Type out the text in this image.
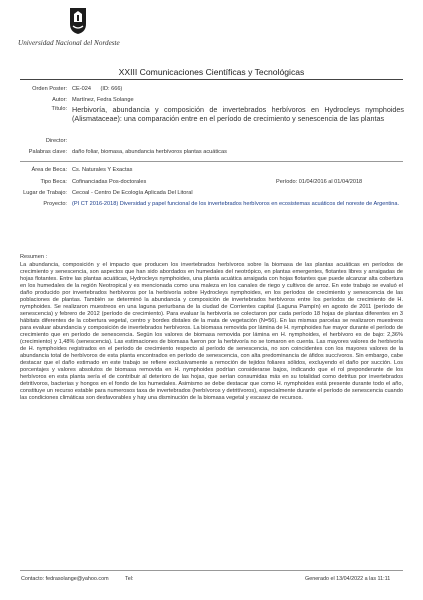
Universidad Nacional del Nordeste
XXIII Comunicaciones Científicas y Tecnológicas
Orden Poster: CE-024 (ID: 666)
Autor: Martínez, Fedra Solange
Título: Herbivoría, abundancia y composición de invertebrados herbívoros en Hydrocleys nymphoides (Alismataceae): una comparación entre en el período de crecimiento y senescencia de las plantas
Director:
Palabras clave: daño foliar, biomasa, abundancia herbívoros plantas acuáticas
Área de Beca: Cs. Naturales Y Exactas
Tipo Beca: Cofinanciadas Pos-doctorales	Período: 01/04/2016 al 01/04/2018
Lugar de Trabajo: Cecoal - Centro De Ecología Aplicada Del Litoral
Proyecto: (PI CT 2016-2018) Diversidad y papel funcional de los invertebrados herbívoros en ecosistemas acuáticos del noreste de Argentina.
Resumen :
La abundancia, composición y el impacto que producen los invertebrados herbívoros sobre la biomasa de las plantas acuáticas en períodos de crecimiento y senescencia, son aspectos que han sido abordados en humedales del neotrópico, en plantas emergentes, flotantes libres y arraigadas de hojas flotantes. Entre las plantas acuáticas, Hydrocleys nymphoides, una planta acuática arraigada con hojas flotantes que puede alcanzar alta cobertura en los humedales de la región Neotropical y es mencionada como una maleza en los canales de riego y cultivos de arroz. En este trabajo se evaluó el daño producido por invertebrados herbívoros por la herbivoría sobre Hydrocleys nymphoides, en los períodos de crecimiento y senescencia de las poblaciones de plantas. También se determinó la abundancia y composición de invertebrados herbívoros entre los períodos de crecimiento de H. nymphoides. Se realizaron muestreos en una laguna periurbana de la ciudad de Corrientes capital (Laguna Pampín) en agosto de 2011 (período de senescencia) y febrero de 2012 (período de crecimiento). Para evaluar la herbivoría se colectaron por cada período 18 hojas de plantas diferentes en 3 hábitats diferentes de la cobertura vegetal, centro y bordes distales de la mata de vegetación (N=56). En las mismas parcelas se realizaron muestreos para evaluar abundancia y composición de invertebrados herbívoros. La biomasa removida por lámina de H. nymphoides fue mayor durante el período de crecimiento que en período de senescencia. Según los valores de biomasa removida por lámina en H. nymphoides, el herbívoro es de bajo: 2,36% (crecimiento) y 1,48% (senescencia). Las estimaciones de biomasa fueron por la herbivoría no se tomaron en cuenta. Las mayores valores de herbivoría de H. nymphoides registrados en el período de crecimiento respecto al período de senescencia, no son coincidentes con los mayores valores de la abundancia total de herbívoros de esta planta encontrados en período de senescencia, con alta predominancia de áfidos succívoros. Sin embargo, cabe destacar que el daño estimado en este trabajo se refiere exclusivamente a remoción de tejidos foliares sólidos, excluyendo el daño por succión. Los porcentajes y valores absolutos de biomasa removida en H. nymphoides podrían considerarse bajos, indicando que el rol preponderante de los herbívoros en esta planta sería el de contribuir al deterioro de las hojas, que serían consumidas más en su totalidad como detritus por invertebrados detritívoros, bacterias y hongos en el fondo de los humedales. Asimismo se debe destacar que como H. nymphoides está presente durante todo el año, constituye un recurso estable para numerosos taxa de invertebrados (herbívoros y detritívoros), especialmente durante el período de senescencia cuando las condiciones climáticas son desfavorables y hay una disminución de la biomasa vegetal y escasez de recursos.
Contacto: fedrasolange@yahoo.com	Tel:	Generado el 13/04/2022 a las 11:11
